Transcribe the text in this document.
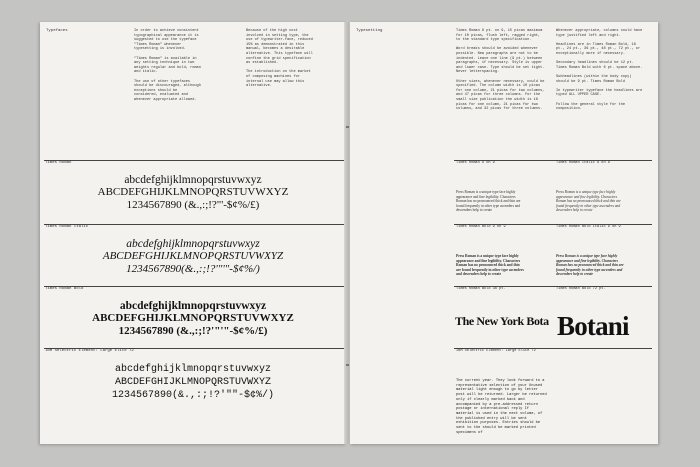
Typefaces	In order to achieve consistent typographical appearance it is suggested to use the typeface "Times Roman" whenever typesetting is involved.

"Times Roman" is available in any setting technique in two weights regular and bold, roman and italic.

The use of other typefaces should be discouraged, although exceptions should be considered, evaluated and whenever appropriate allowed.
Because of the high cost involved in setting type, the use of typewriter-face, reduced 15% as demonstrated in this manual, becomes a desirable alternative. This typeface will confine the grid specification as established.

The introduction on the market of composing machines for internal use may allow this alternative.
Times Roman
abcdefghijklmnopqrstuvwxyz
ABCDEFGHIJKLMNOPQRSTUVWXYZ
1234567890 (&.,:;!?"'-$¢%/£)
Times Roman Italic
abcdefghijklmnopqrstuvwxyz
ABCDEFGHIJKLMNOPQRSTUVWXYZ
1234567890(&.,:;!?'"'"-$¢%/)
Times Roman Bold
abcdefghijklmnopqrstuvwxyz
ABCDEFGHIJKLMNOPQRSTUVWXYZ
1234567890 (&.,:;!?'"'"-$¢%/£)
IBM Selectric Element: Large Elite 72
abcdefghijklmnopqrstuvwxyz
ABCDEFGHIJKLMNOPQRSTUVWXYZ
1234567890(&.,:;!?'""-$¢%/)
Typesetting	Times Roman 9 pt. on 9, 15 picas maximum for 10 picas, flush left, ragged right, to the standard type specification.

Word breaks should be avoided whenever possible. New paragraphs are not to be indented. Leave one line (9 pt.) between paragraphs, if necessary. Style is upper and lower case. Type should be set tight. Never letterspacing.

Other sizes, whenever necessary, could be specified. The column width is 10 picas for one column, 21 picas for two columns, and 47 picas for three columns. For the small size publication the width is 16 picas for one column, 21 picas for two columns, and 32 picas for three columns.
Whenever appropriate, columns could have type justified left and right.

Headlines are in Times Roman Bold, 18 pt., 24 pt., 36 pt., 48 pt., 72 pt., or exceptionally more if necessary.

Secondary headlines should be 12 pt. Times Roman Bold with 6 pt. space above.

Subheadlines (within the body copy) should be 9 pt. Times Roman Bold

In typewriter typeface the headlines are typed ALL UPPER CASE.

Follow the general style for the composition.
Times Roman 9 on 9	Times Roman Italic 9 on 9
Press Roman is a unique type face highly appearance and fine legibility. Characters Roman has no pronounced thick and thin are found frequently in other type ascenders and descenders help to create
Press Roman is a unique type face highly appearance and fine legibility. Characters Roman has no pronounced thick and thin are found frequently in other type ascenders and descenders help to create
Times Roman Bold 9 on 9	Times Roman Bold Italic 9 on 9
Press Roman is a unique type face highly appearance and fine legibility. Characters Roman has no pronounced thick and thin are found frequently in other type ascenders and descenders help to create
Press Roman is a unique type face highly appearance and fine legibility. Characters Roman has no pronounced thick and thin are found frequently in other type ascenders and descenders help to create
Times Roman Bold 36 pt.	Times Roman Bold 72 pt.
The New York Bota Botani
IBM Selectric Element: Large Elite 72
The current year. They look forward to a representative selection of your Unused material light enough to go by letter post will be returned. Larger be returned only if clearly marked back and accompanied by a pre-addressed return postage or international reply If material is used in the next volume, of the published entry will be sent exhibition purposes. Entries should be sent to the should be marked printed specimens of
